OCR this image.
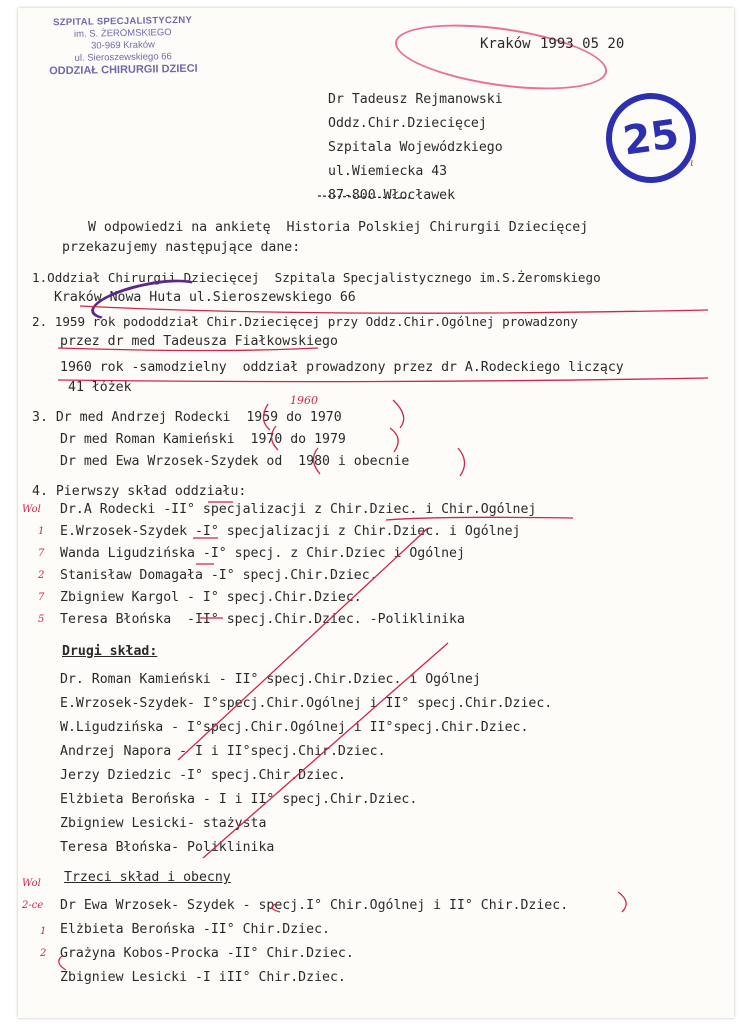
SZPITAL SPECJALISTYCZNY
im. S. ŻEROMSKIEGO
30-969 Kraków
ul. Sieroszewskiego 66
ODDZIAŁ CHIRURGII DZIECI
Kraków 1993 05 20
25 ι
Dr Tadeusz Rejmanowski
Oddz.Chir.Dziecięcej
Szpitala Wojewódzkiego
ul.Wiemiecka 43
87-800 Włocławek
W odpowiedzi na ankietę  Historia Polskiej Chirurgii Dziecięcej
przekazujemy następujące dane:
1.Oddział Chirurgii Dziecięcej  Szpitala Specjalistycznego im.S.Żeromskiego
Kraków-Nowa Huta ul.Sieroszewskiego 66
2. 1959 rok pododdział Chir.Dziecięcej przy Oddz.Chir.Ogólnej prowadzony
przez dr med Tadeusza Fiałkowskiego
1960 rok -samodzielny  oddział prowadzony przez dr A.Rodeckiego liczący
41 łóżek
3. Dr med Andrzej Rodecki  1959 do 1970
Dr med Roman Kamieński  1970 do 1979
Dr med Ewa Wrzosek-Szydek od  1980 i obecnie
1960
4. Pierwszy skład oddziału:
Dr.A Rodecki -II° specjalizacji z Chir.Dziec. i Chir.Ogólnej
E.Wrzosek-Szydek -I° specjalizacji z Chir.Dziec. i Ogólnej
Wanda Ligudzińska -I° specj. z Chir.Dziec i Ogólnej
Stanisław Domagała -I° specj.Chir.Dziec.
Zbigniew Kargol - I° specj.Chir.Dziec.
Teresa Błońska  -II° specj.Chir.Dziec. -Poliklinika
Wol
1
7
2
7
5
Drugi skład:
Dr. Roman Kamieński - II° specj.Chir.Dziec. i Ogólnej
E.Wrzosek-Szydek- I°specj.Chir.Ogólnej i II° specj.Chir.Dziec.
W.Ligudzińska - I°specj.Chir.Ogólnej i II°specj.Chir.Dziec.
Andrzej Napora - I i II°specj.Chir.Dziec.
Jerzy Dziedzic -I° specj.Chir.Dziec.
Elżbieta Berońska - I i II° specj.Chir.Dziec.
Zbigniew Lesicki- stażysta
Teresa Błońska- Poliklinika
Trzeci skład i obecny
Dr Ewa Wrzosek- Szydek - specj.I° Chir.Ogólnej i II° Chir.Dziec.
Elżbieta Berońska -II° Chir.Dziec.
Grażyna Kobos-Procka -II° Chir.Dziec.
Zbigniew Lesicki -I iII° Chir.Dziec.
Wol
2-ce
1
2
